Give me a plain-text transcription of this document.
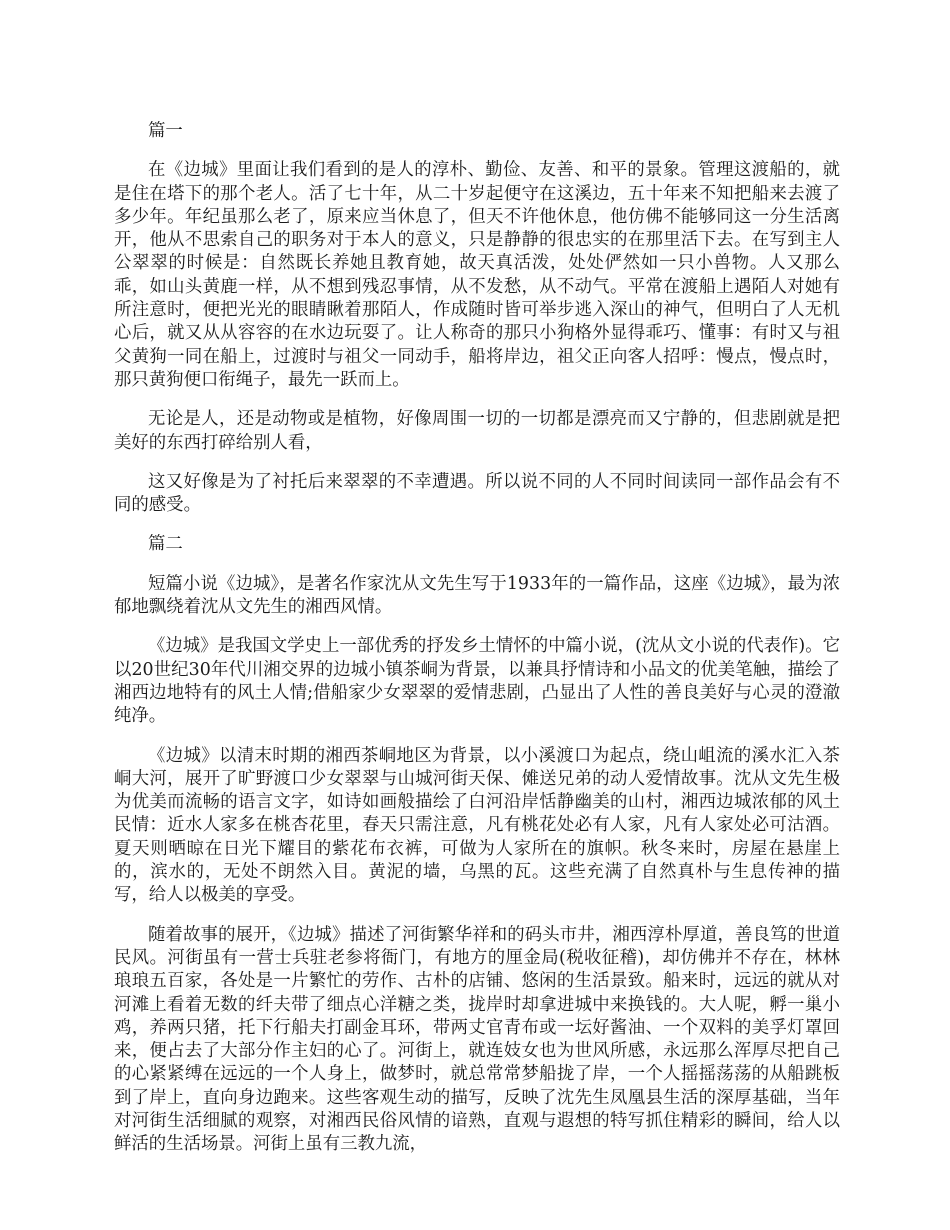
篇一

在《边城》里面让我们看到的是人的淳朴、勤俭、友善、和平的景象。管理这渡船的，就是住在塔下的那个老人。活了七十年，从二十岁起便守在这溪边，五十年来不知把船来去渡了多少年。年纪虽那么老了，原来应当休息了，但天不许他休息，他仿佛不能够同这一分生活离开，他从不思索自己的职务对于本人的意义，只是静静的很忠实的在那里活下去。在写到主人公翠翠的时候是：自然既长养她且教育她，故天真活泼，处处俨然如一只小兽物。人又那么乖，如山头黄鹿一样，从不想到残忍事情，从不发愁，从不动气。平常在渡船上遇陌人对她有所注意时，便把光光的眼睛瞅着那陌人，作成随时皆可举步逃入深山的神气，但明白了人无机心后，就又从从容容的在水边玩耍了。让人称奇的那只小狗格外显得乖巧、懂事：有时又与祖父黄狗一同在船上，过渡时与祖父一同动手，船将岸边，祖父正向客人招呼：慢点，慢点时，那只黄狗便口衔绳子，最先一跃而上。

无论是人，还是动物或是植物，好像周围一切的一切都是漂亮而又宁静的，但悲剧就是把美好的东西打碎给别人看，

这又好像是为了衬托后来翠翠的不幸遭遇。所以说不同的人不同时间读同一部作品会有不同的感受。

篇二

短篇小说《边城》，是著名作家沈从文先生写于1933年的一篇作品，这座《边城》，最为浓郁地飘绕着沈从文先生的湘西风情。

《边城》是我国文学史上一部优秀的抒发乡土情怀的中篇小说，(沈从文小说的代表作)。它以20世纪30年代川湘交界的边城小镇茶峒为背景，以兼具抒情诗和小品文的优美笔触，描绘了湘西边地特有的风土人情;借船家少女翠翠的爱情悲剧，凸显出了人性的善良美好与心灵的澄澈纯净。

《边城》以清末时期的湘西茶峒地区为背景，以小溪渡口为起点，绕山岨流的溪水汇入茶峒大河，展开了旷野渡口少女翠翠与山城河街天保、傩送兄弟的动人爱情故事。沈从文先生极为优美而流畅的语言文字，如诗如画般描绘了白河沿岸恬静幽美的山村，湘西边城浓郁的风土民情：近水人家多在桃杏花里，春天只需注意，凡有桃花处必有人家，凡有人家处必可沽酒。夏天则晒晾在日光下耀目的紫花布衣裤，可做为人家所在的旗帜。秋冬来时，房屋在悬崖上的，滨水的，无处不朗然入目。黄泥的墙，乌黑的瓦。这些充满了自然真朴与生息传神的描写，给人以极美的享受。

随着故事的展开，《边城》描述了河街繁华祥和的码头市井，湘西淳朴厚道，善良笃的世道民风。河街虽有一营士兵驻老参将衙门，有地方的厘金局(税收征稽)，却仿佛并不存在，林林琅琅五百家，各处是一片繁忙的劳作、古朴的店铺、悠闲的生活景致。船来时，远远的就从对河滩上看着无数的纤夫带了细点心洋糖之类，拢岸时却拿进城中来换钱的。大人呢，孵一巢小鸡，养两只猪，托下行船夫打副金耳环，带两丈官青布或一坛好酱油、一个双料的美孚灯罩回来，便占去了大部分作主妇的心了。河街上，就连妓女也为世风所感，永远那么浑厚尽把自己的心紧紧缚在远远的一个人身上，做梦时，就总常常梦船拢了岸，一个人摇摇荡荡的从船跳板到了岸上，直向身边跑来。这些客观生动的描写，反映了沈先生凤凰县生活的深厚基础，当年对河街生活细腻的观察，对湘西民俗风情的谙熟，直观与遐想的特写抓住精彩的瞬间，给人以鲜活的生活场景。河街上虽有三教九流，
